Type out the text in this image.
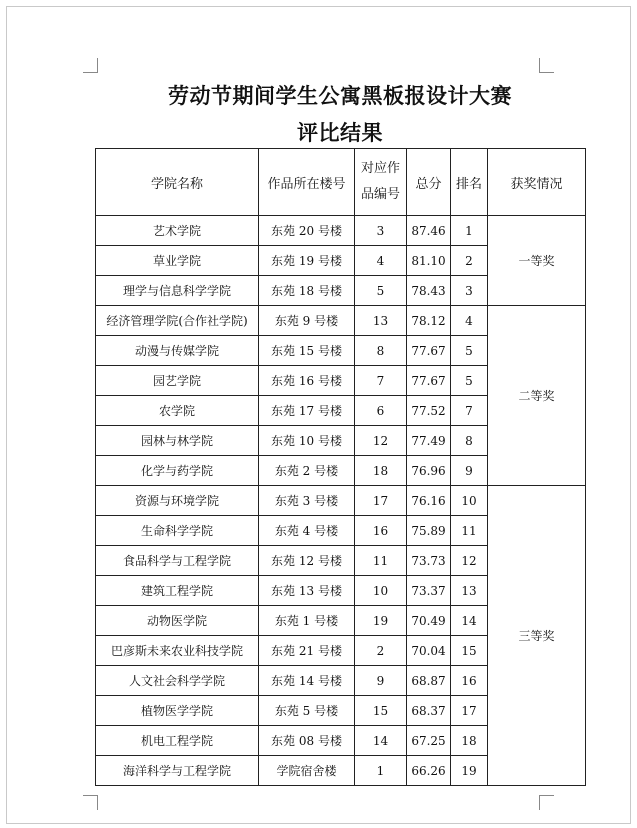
劳动节期间学生公寓黑板报设计大赛
评比结果
学院名称	作品所在楼号	对应作品编号	总分	排名	获奖情况
艺术学院	东苑 20 号楼	3	87.46	1	一等奖
草业学院	东苑 19 号楼	4	81.10	2	
理学与信息科学学院	东苑 18 号楼	5	78.43	3	
经济管理学院(合作社学院)	东苑 9 号楼	13	78.12	4	二等奖
动漫与传媒学院	东苑 15 号楼	8	77.67	5	
园艺学院	东苑 16 号楼	7	77.67	5	
农学院	东苑 17 号楼	6	77.52	7	
园林与林学院	东苑 10 号楼	12	77.49	8	
化学与药学院	东苑 2 号楼	18	76.96	9	
资源与环境学院	东苑 3 号楼	17	76.16	10	三等奖
生命科学学院	东苑 4 号楼	16	75.89	11	
食品科学与工程学院	东苑 12 号楼	11	73.73	12	
建筑工程学院	东苑 13 号楼	10	73.37	13	
动物医学院	东苑 1 号楼	19	70.49	14	
巴彦斯未来农业科技学院	东苑 21 号楼	2	70.04	15	
人文社会科学学院	东苑 14 号楼	9	68.87	16	
植物医学学院	东苑 5 号楼	15	68.37	17	
机电工程学院	东苑 08 号楼	14	67.25	18	
海洋科学与工程学院	学院宿舍楼	1	66.26	19	
